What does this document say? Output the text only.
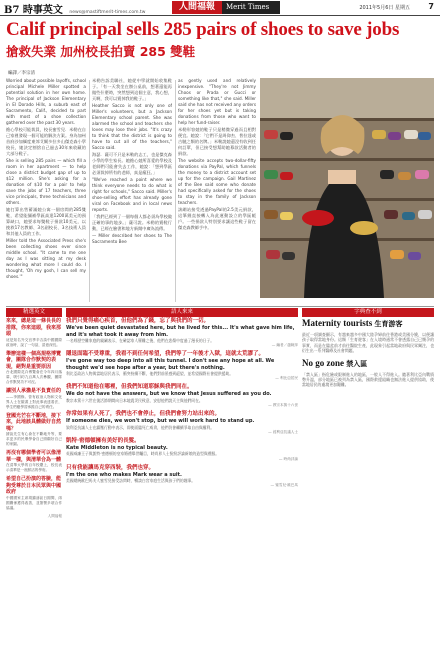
B7 時事英文 news@mastiftmerit-times.com.tw
人間福報	Merit Times	2011年5月6日 星期五 7
Calif principal sells 285 pairs of shoes to save jobs
搶救失業 加州校長拍賣 285 雙鞋
編譯／李宗清

Worried about possible layoffs, school principal Michele Miller spotted a potential solution in her own home. The principal of Jackson Elementary in El Dorado Hills, a suburb east of Sacramento, Calif., decided to part with most of a shoe collection gathered over the past 30 years.

擔心學校可能裁員，校長蜜雪兒．米勒在自己家裡發現一個可能的解決方案。身為加州首府沙加緬度東郊艾爾多拉多山傑克森小學校長，她決定割捨自己過去30年來收藏的大部分鞋子。

She is selling 285 pairs — which fill a room in her apartment — to help close a district budget gap of up to $12 million. She's asking for a donation of $10 for a pair to help save the jobs of 17 teachers, three vice principals, three technicians and others.

她打算出售蓄滿她公寓一個房間的285雙鞋，希望能彌補學區高達1200萬美元的預算缺口，她要求每雙鞋子捐款10美元，以挽救17名教師、3名副校長、3名技術人員和其他人員的工作。

Miller told the Associated Press she's been collecting shoes ever since middle school. "It came to me one day as I was sitting at my desk wondering what more I could do. I thought, 'Oh my gosh, I can sell my shoes.'"

米勒告訴美聯社，她從中學就開始收集鞋子。「有一天我坐在辦公桌前，想著還能再做些什麼時，突然想到這個主意，我心想，天啊，我可以賣掉我的鞋子。」

Heather Sacco is not only one of Miller's volunteers, but a Jackson Elementary school parent. She was alarmed the school and teachers she loves may lose their jobs. "It's crazy to think that the district is going to have to cut all of the teachers," Sacco said.

海瑟．薩可不只是米勒的志工，也是傑克森小學的學生家長。她擔心她所喜愛的學校及老師們可能會失去工作，她說：「想到學區必須裁掉所有的老師，真是瘋狂。」

"We've reached a point where we think everyone needs to do what is right for schools," Sacco said. Miller's shoe-selling effort has already gone viral on Facebook and in local news reports.

「我們已經到了一個每個人都必須為學校做正確的事的地步。」薩可說。米勒的賣鞋行動，已經在臉書和地方新聞中廣為流傳。

— Miller described her shoes to The Sacramento Bee

as gently used and relatively inexpensive. "They're not Jimmy Choos or Prada or Gucci or something like that," she said. Miller said she has not received any orders for her shoes yet but is taking donations from those who want to help her fund-raiser.

米勒形容她的鞋子只是稍微穿過而且相對便宜。她說：「它們不是周仰杰、普拉達或古馳之類的名牌。」米勒說她還沒有收到任何訂單，但已接受想幫助她募款活動者的捐款。

The website accepts two-dollar-fifty donations via PayPal, which funnels the money to a district account set up for the campaign. Gail Martinez of the Bee said some who donate had specifically asked for the shoes to stay in the family of Jackson teachers.

該網站接受透過PayPal的2.5美元捐款，這筆錢直接轉入為此運動設立的學區帳戶。一些捐款人特別要求讓這些鞋子留在傑克森教師手中。

精選英文	語人來來	字典查不到
來來，總是這一條長長的排隊，你來這頭，我來那頭
這是知名外交官季辛吉談中國國際政治時，說了一句話，語意深長。
舉辦這樣一個高規格博覽會，團隊合作默契的表現，絕對是重要原因
台北國際花卉博覽會在今年四月落幕，吸引約九百萬人次參觀，團隊合作默契功不可沒。
讓別人承擔是不負責任的
——李國修。曾有政治人物和文化界人士在臉書上對此事表達看法，學生們應學習承擔自己的責任。
登國光芒在不斷地，接下來，此地該具體做好自然嗎？
據說先生有心會在不斷地升等，要求更多的民眾學會自己照顧好自己的家園。
再沒有哪個學者可以像清華一樣，與清華合為一體
在清華大學的百年校慶上，校長表示清華是一座鮮活的學府。
希望自己扮演的答臉，能夠受尊於日本民眾與中國政府
中國國家主席胡錦濤訪日期間，兩國關係獲得改善，並簽署多項合作協議。
人間福報
我們只覺得痛心疾首，但他們為了錢，忘了與我們的一切。
We've been quiet devastated here, but he lived for this... It's what gave him life, and it's what took it away from him.
一名經歷空難家庭的親屬表示，在確認家人罹難之後，他們在悲傷中度過了漫長的日子。
— 編者／趙婉萍
隱退面臨不受尊重，我看不到任何希望，我們等了一年後才入獄，這就太荒謬了。
I've gone way too deep into all this tunnel. I don't see any hope at all. We thought we'd see hope after a year, but there's nothing.
利比亞政治人物與當地居民表示，衝突持續不斷，他們對前景感到絕望，並希望國際社會提供援助。
— 利比亞居民
我們不知道他在哪裡，但我們知道耶穌與我們同在。
We do not have the answers, but we know that Jesus suffered as you do.
教宗本篤十六世在復活節期間向日本地震災民致意，安慰他們說天主與他們同在。
— 教宗本篤十六世
你常如果有人死了，我們也不會停止，但我們會努力站出來的。
If someone dies, we won't stop, but we will work hard to stand up.
敘利亞抗議人士在鎮壓行動中表示，即使面臨死亡威脅，他們仍會繼續爭取自由與權利。
— 敘利亞抗議人士
凱特·密德頓擁有美好的長髮。
Kate Middleton is no typical beauty.
英國威廉王子與凱特·密德頓的皇家婚禮舉世矚目，時尚界人士紛紛評論新娘的造型與禮服。
— 時尚評論
只有我能讓馬克穿西裝，我們也穿。
I'm the one who makes Mark wear a suit.
美國總統歐巴馬夫人蜜雪兒接受訪問時，暢談白宮家庭生活與孩子們的趣事。
— 蜜雪兒·歐巴馬
Maternity tourists 生育游客
最近一項調查顯示，有越來越多中國大陸孕婦前往香港或美國分娩，以便讓孩子取得當地身份。這類「生育遊客」在入境時通常不會透露自己已懷孕的事實，而是在臨盆前才前往醫院生產，此現象引起當地政府與民眾關注，也衍生出一系列醫療及社會問題。
No go zone 禁入區
「禁入區」指危險或限制進入的地區，一般人不得進入。隨著利比亞內戰情勢升溫，部分地區已被列為禁入區，國際救援組織也無法進入提供協助，使當地居民的處境更加艱難。
